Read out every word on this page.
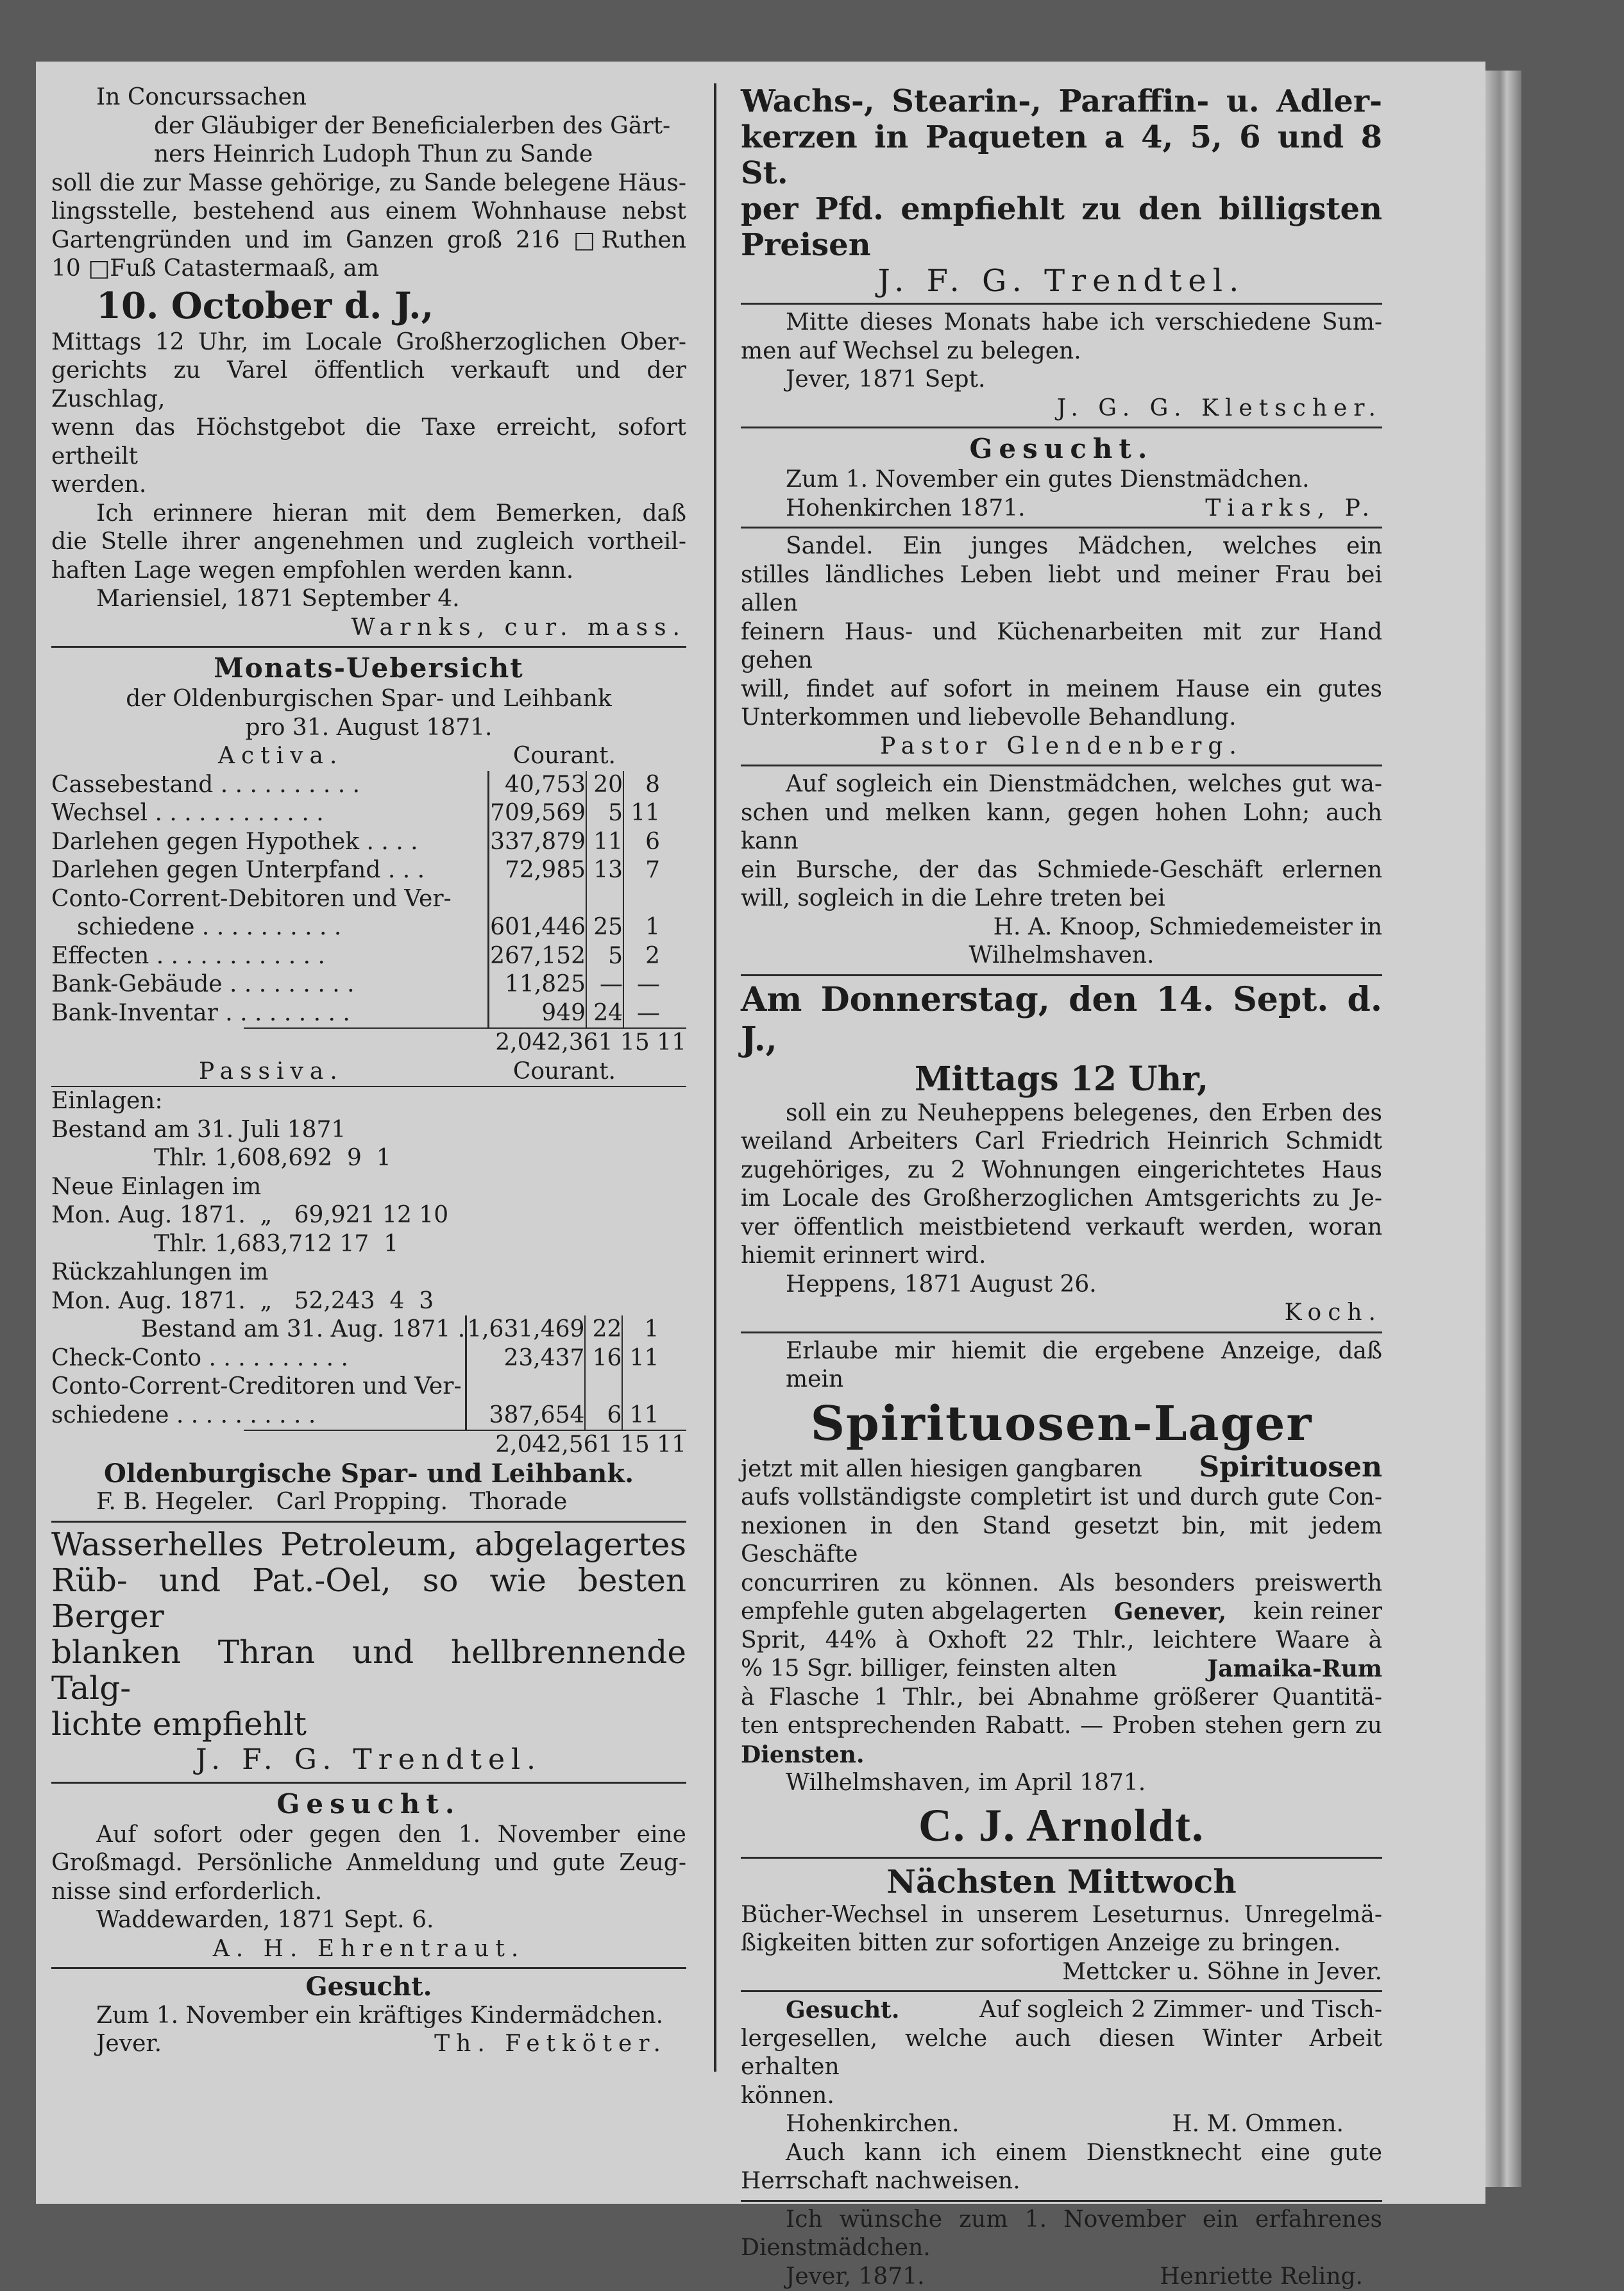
In Concurssachen

der Gläubiger der Beneficialerben des Gärt-

ners Heinrich Ludoph Thun zu Sande

soll die zur Masse gehörige, zu Sande belegene Häus-

lingsstelle, bestehend aus einem Wohnhause nebst

Gartengründen und im Ganzen groß 216 □Ruthen

10 □Fuß Catastermaaß, am

10. October d. J.,

Mittags 12 Uhr, im Locale Großherzoglichen Ober-

gerichts zu Varel öffentlich verkauft und der Zuschlag,

wenn das Höchstgebot die Taxe erreicht, sofort ertheilt

werden.

Ich erinnere hieran mit dem Bemerken, daß

die Stelle ihrer angenehmen und zugleich vortheil-

haften Lage wegen empfohlen werden kann.

Mariensiel, 1871 September 4.

Warnks, cur. mass.

Monats-Uebersicht

der Oldenburgischen Spar- und Leihbank

pro 31. August 1871.

Activa.	Courant.
Cassebestand . . . . . . . . . .	40,753	20	8
Wechsel . . . . . . . . . . . .	709,569	5	11
Darlehen gegen Hypothek . . . .	337,879	11	6
Darlehen gegen Unterpfand . . .	72,985	13	7
Conto-Corrent-Debitoren und Ver-			
schiedene . . . . . . . . . .	601,446	25	1
Effecten . . . . . . . . . . . .	267,152	5	2
Bank-Gebäude . . . . . . . . .	11,825	—	—
Bank-Inventar . . . . . . . . .	949	24	—

2,042,361 15 11

Passiva.	Courant.

Einlagen:

Bestand am 31. Juli 1871

Thlr. 1,608,692  9  1

Neue Einlagen im

Mon. Aug. 1871.  „   69,921 12 10

Thlr. 1,683,712 17  1

Rückzahlungen im

Mon. Aug. 1871.  „   52,243  4  3

Bestand am 31. Aug. 1871 .	1,631,469	22	1
Check-Conto . . . . . . . . . .	23,437	16	11
Conto-Corrent-Creditoren und Ver-			
schiedene . . . . . . . . . .	387,654	6	11

2,042,561 15 11

Oldenburgische Spar- und Leihbank.

F. B. Hegeler.   Carl Propping.   Thorade

Wasserhelles Petroleum, abgelagertes

Rüb- und Pat.-Oel, so wie besten Berger

blanken Thran und hellbrennende Talg-

lichte empfiehlt

J. F. G. Trendtel.

Gesucht.

Auf sofort oder gegen den 1. November eine

Großmagd. Persönliche Anmeldung und gute Zeug-

nisse sind erforderlich.

Waddewarden, 1871 Sept. 6.

A. H. Ehrentraut.

Gesucht.

Zum 1. November ein kräftiges Kindermädchen.

Jever.	Th. Fetköter.

Wachs-, Stearin-, Paraffin- u. Adler-

kerzen in Paqueten a 4, 5, 6 und 8 St.

per Pfd. empfiehlt zu den billigsten Preisen

J. F. G. Trendtel.

Mitte dieses Monats habe ich verschiedene Sum-

men auf Wechsel zu belegen.

Jever, 1871 Sept.

J. G. G. Kletscher.

Gesucht.

Zum 1. November ein gutes Dienstmädchen.

Hohenkirchen 1871.	Tiarks, P.

Sandel. Ein junges Mädchen, welches ein

stilles ländliches Leben liebt und meiner Frau bei allen

feinern Haus- und Küchenarbeiten mit zur Hand gehen

will, findet auf sofort in meinem Hause ein gutes

Unterkommen und liebevolle Behandlung.

Pastor Glendenberg.

Auf sogleich ein Dienstmädchen, welches gut wa-

schen und melken kann, gegen hohen Lohn; auch kann

ein Bursche, der das Schmiede-Geschäft erlernen

will, sogleich in die Lehre treten bei

H. A. Knoop, Schmiedemeister in

Wilhelmshaven.

Am Donnerstag, den 14. Sept. d. J.,

Mittags 12 Uhr,

soll ein zu Neuheppens belegenes, den Erben des

weiland Arbeiters Carl Friedrich Heinrich Schmidt

zugehöriges, zu 2 Wohnungen eingerichtetes Haus

im Locale des Großherzoglichen Amtsgerichts zu Je-

ver öffentlich meistbietend verkauft werden, woran

hiemit erinnert wird.

Heppens, 1871 August 26.

Koch.

Erlaube mir hiemit die ergebene Anzeige, daß mein

Spirituosen-Lager

jetzt mit allen hiesigen gangbaren Spirituosen

aufs vollständigste completirt ist und durch gute Con-

nexionen in den Stand gesetzt bin, mit jedem Geschäfte

concurriren zu können. Als besonders preiswerth

empfehle guten abgelagerten Genever, kein reiner

Sprit, 44% à Oxhoft 22 Thlr., leichtere Waare à

% 15 Sgr. billiger, feinsten alten	Jamaika-Rum

à Flasche 1 Thlr., bei Abnahme größerer Quantitä-

ten entsprechenden Rabatt. — Proben stehen gern zu

Diensten.

Wilhelmshaven, im April 1871.

C. J. Arnoldt.

Nächsten Mittwoch

Bücher-Wechsel in unserem Leseturnus. Unregelmä-

ßigkeiten bitten zur sofortigen Anzeige zu bringen.

Mettcker u. Söhne in Jever.

Gesucht.	Auf sogleich 2 Zimmer- und Tisch-

lergesellen, welche auch diesen Winter Arbeit erhalten

können.

Hohenkirchen.	H. M. Ommen.

Auch kann ich einem Dienstknecht eine gute

Herrschaft nachweisen.

Ich wünsche zum 1. November ein erfahrenes

Dienstmädchen.

Jever, 1871.	Henriette Reling.
